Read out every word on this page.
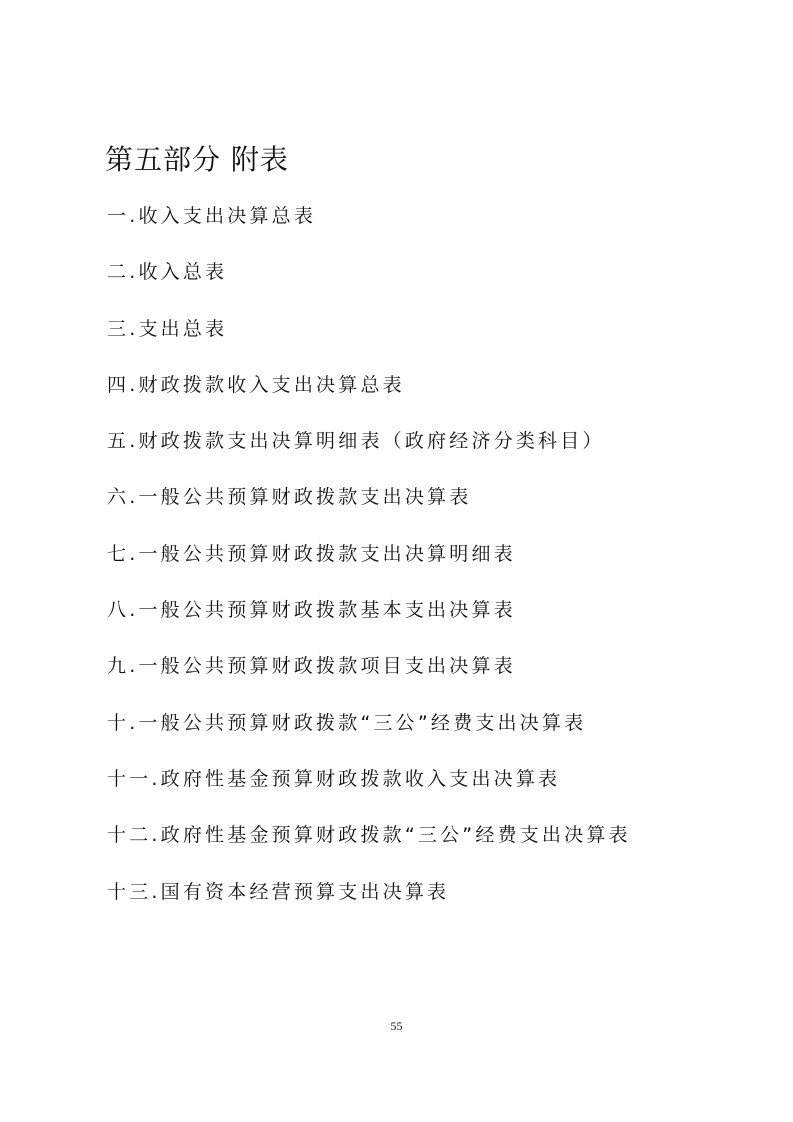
第五部分 附表
一.收入支出决算总表
二.收入总表
三.支出总表
四.财政拨款收入支出决算总表
五.财政拨款支出决算明细表（政府经济分类科目）
六.一般公共预算财政拨款支出决算表
七.一般公共预算财政拨款支出决算明细表
八.一般公共预算财政拨款基本支出决算表
九.一般公共预算财政拨款项目支出决算表
十.一般公共预算财政拨款“三公”经费支出决算表
十一.政府性基金预算财政拨款收入支出决算表
十二.政府性基金预算财政拨款“三公”经费支出决算表
十三.国有资本经营预算支出决算表
55
